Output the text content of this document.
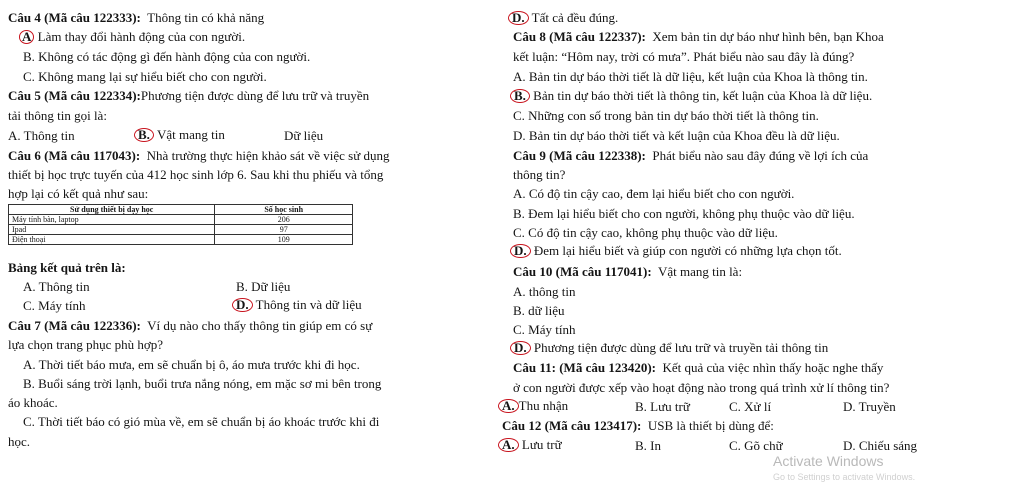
Câu 4 (Mã câu 122333): Thông tin có khả năng
A Làm thay đổi hành động của con người.
B. Không có tác động gì đến hành động của con người.
C. Không mang lại sự hiểu biết cho con người.
Câu 5 (Mã câu 122334):Phương tiện được dùng để lưu trữ và truyền
tải thông tin gọi là:
A. Thông tin	B. Vật mang tin	Dữ liệu
Câu 6 (Mã câu 117043): Nhà trường thực hiện khảo sát về việc sử dụng
thiết bị học trực tuyến của 412 học sinh lớp 6. Sau khi thu phiếu và tổng
hợp lại có kết quả như sau:
Sử dụng thiết bị dạy học	Số học sinh
Máy tính bàn, laptop	206
Ipad	97
Điện thoại	109
Bảng kết quả trên là:
A. Thông tin	B. Dữ liệu
C. Máy tính	D. Thông tin và dữ liệu
Câu 7 (Mã câu 122336): Ví dụ nào cho thấy thông tin giúp em có sự
lựa chọn trang phục phù hợp?
A. Thời tiết báo mưa, em sẽ chuẩn bị ô, áo mưa trước khi đi học.
B. Buổi sáng trời lạnh, buổi trưa nắng nóng, em mặc sơ mi bên trong
áo khoác.
C. Thời tiết báo có gió mùa về, em sẽ chuẩn bị áo khoác trước khi đi
học.
D. Tất cả đều đúng.
Câu 8 (Mã câu 122337): Xem bản tin dự báo như hình bên, bạn Khoa
kết luận: “Hôm nay, trời có mưa”. Phát biểu nào sau đây là đúng?
A. Bản tin dự báo thời tiết là dữ liệu, kết luận của Khoa là thông tin.
B. Bản tin dự báo thời tiết là thông tin, kết luận của Khoa là dữ liệu.
C. Những con số trong bản tin dự báo thời tiết là thông tin.
D. Bản tin dự báo thời tiết và kết luận của Khoa đều là dữ liệu.
Câu 9 (Mã câu 122338): Phát biểu nào sau đây đúng về lợi ích của
thông tin?
A. Có độ tin cậy cao, đem lại hiểu biết cho con người.
B. Đem lại hiểu biết cho con người, không phụ thuộc vào dữ liệu.
C. Có độ tin cậy cao, không phụ thuộc vào dữ liệu.
D. Đem lại hiểu biết và giúp con người có những lựa chọn tốt.
Câu 10 (Mã câu 117041): Vật mang tin là:
A. thông tin
B. dữ liệu
C. Máy tính
D. Phương tiện được dùng để lưu trữ và truyền tải thông tin
Câu 11: (Mã câu 123420): Kết quả của việc nhìn thấy hoặc nghe thấy
ở con người được xếp vào hoạt động nào trong quá trình xử lí thông tin?
A. Thu nhận	B. Lưu trữ	C. Xử lí	D. Truyền
Câu 12 (Mã câu 123417): USB là thiết bị dùng để:
A. Lưu trữ	B. In	C. Gõ chữ	D. Chiếu sáng
Activate Windows
Go to Settings to activate Windows.
